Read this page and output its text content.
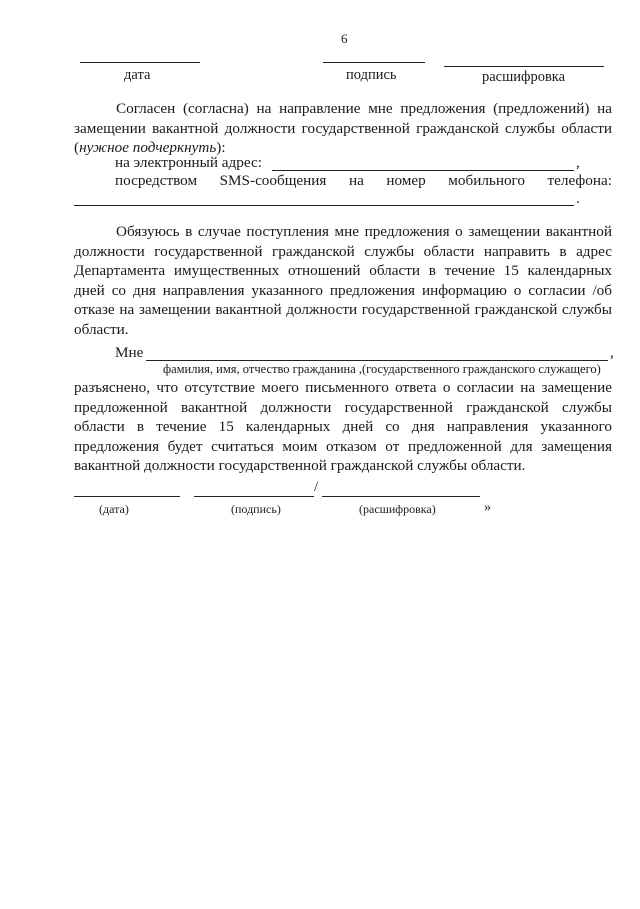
6
дата	подпись	расшифровка
Согласен (согласна) на направление мне предложения (предложений) на замещении вакантной должности государственной гражданской службы области (нужное подчеркнуть):
на электронный адрес:	,
посредством SMS-сообщения на номер мобильного телефона:
.
Обязуюсь в случае поступления мне предложения о замещении вакантной должности государственной гражданской службы области направить в адрес Департамента имущественных отношений области в течение 15 календарных дней со дня направления указанного предложения информацию о согласии /об отказе на замещении вакантной должности государственной гражданской службы области.
Мне	,
фамилия, имя, отчество гражданина ,(государственного гражданского служащего)
разъяснено, что отсутствие моего письменного ответа о согласии на замещение предложенной вакантной должности государственной гражданской службы области в течение 15 календарных дней со дня направления указанного предложения будет считаться моим отказом от предложенной для замещения вакантной должности государственной гражданской службы области.
/
(дата)	(подпись)	(расшифровка)	»
